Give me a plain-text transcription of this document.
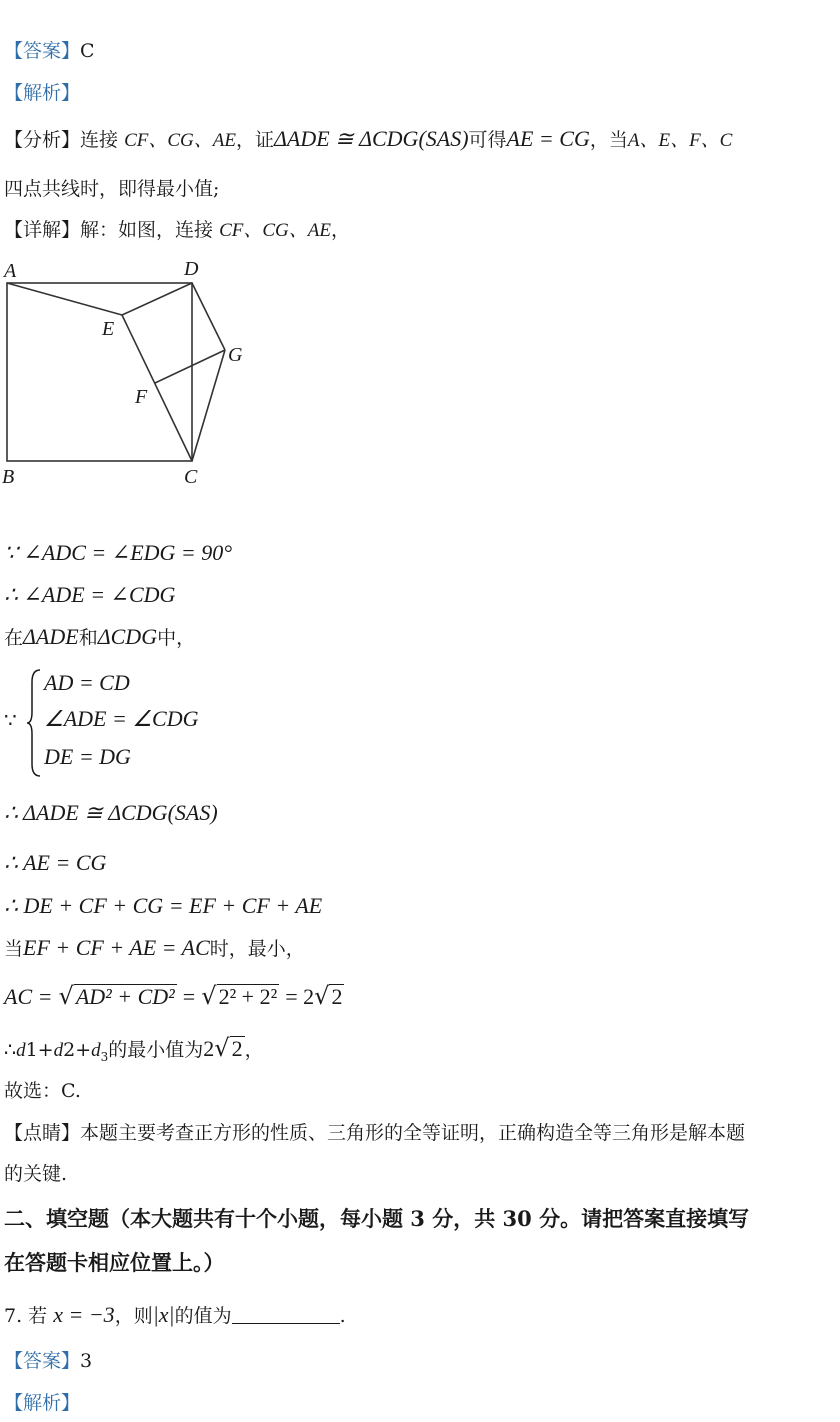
【答案】C
【解析】
【分析】连接 CF、CG、AE，证ΔADE ≅ ΔCDG(SAS)可得AE = CG，当A、E、F、C
四点共线时，即得最小值;
【详解】解：如图，连接 CF、CG、AE，
A	D
E
G
F
B	C
∵ ∠ADC = ∠EDG = 90°
∴ ∠ADE = ∠CDG
在ΔADE和ΔCDG中，
∵
AD = CD
∠ADE = ∠CDG
DE = DG
∴ ΔADE ≅ ΔCDG(SAS)
∴ AE = CG
∴ DE + CF + CG = EF + CF + AE
当EF + CF + AE = AC时，最小，
AC = √AD² + CD² = √2² + 2² = 2√2
$\therefore d1+d2+d_3$的最小值为2√2 ，
故选：C.
【点睛】本题主要考查正方形的性质、三角形的全等证明，正确构造全等三角形是解本题
的关键.
二、填空题（本大题共有十个小题，每小题 3 分，共 30 分。请把答案直接填写
在答题卡相应位置上。）
7. 若 x = −3，则|x|的值为	.
【答案】3
【解析】
